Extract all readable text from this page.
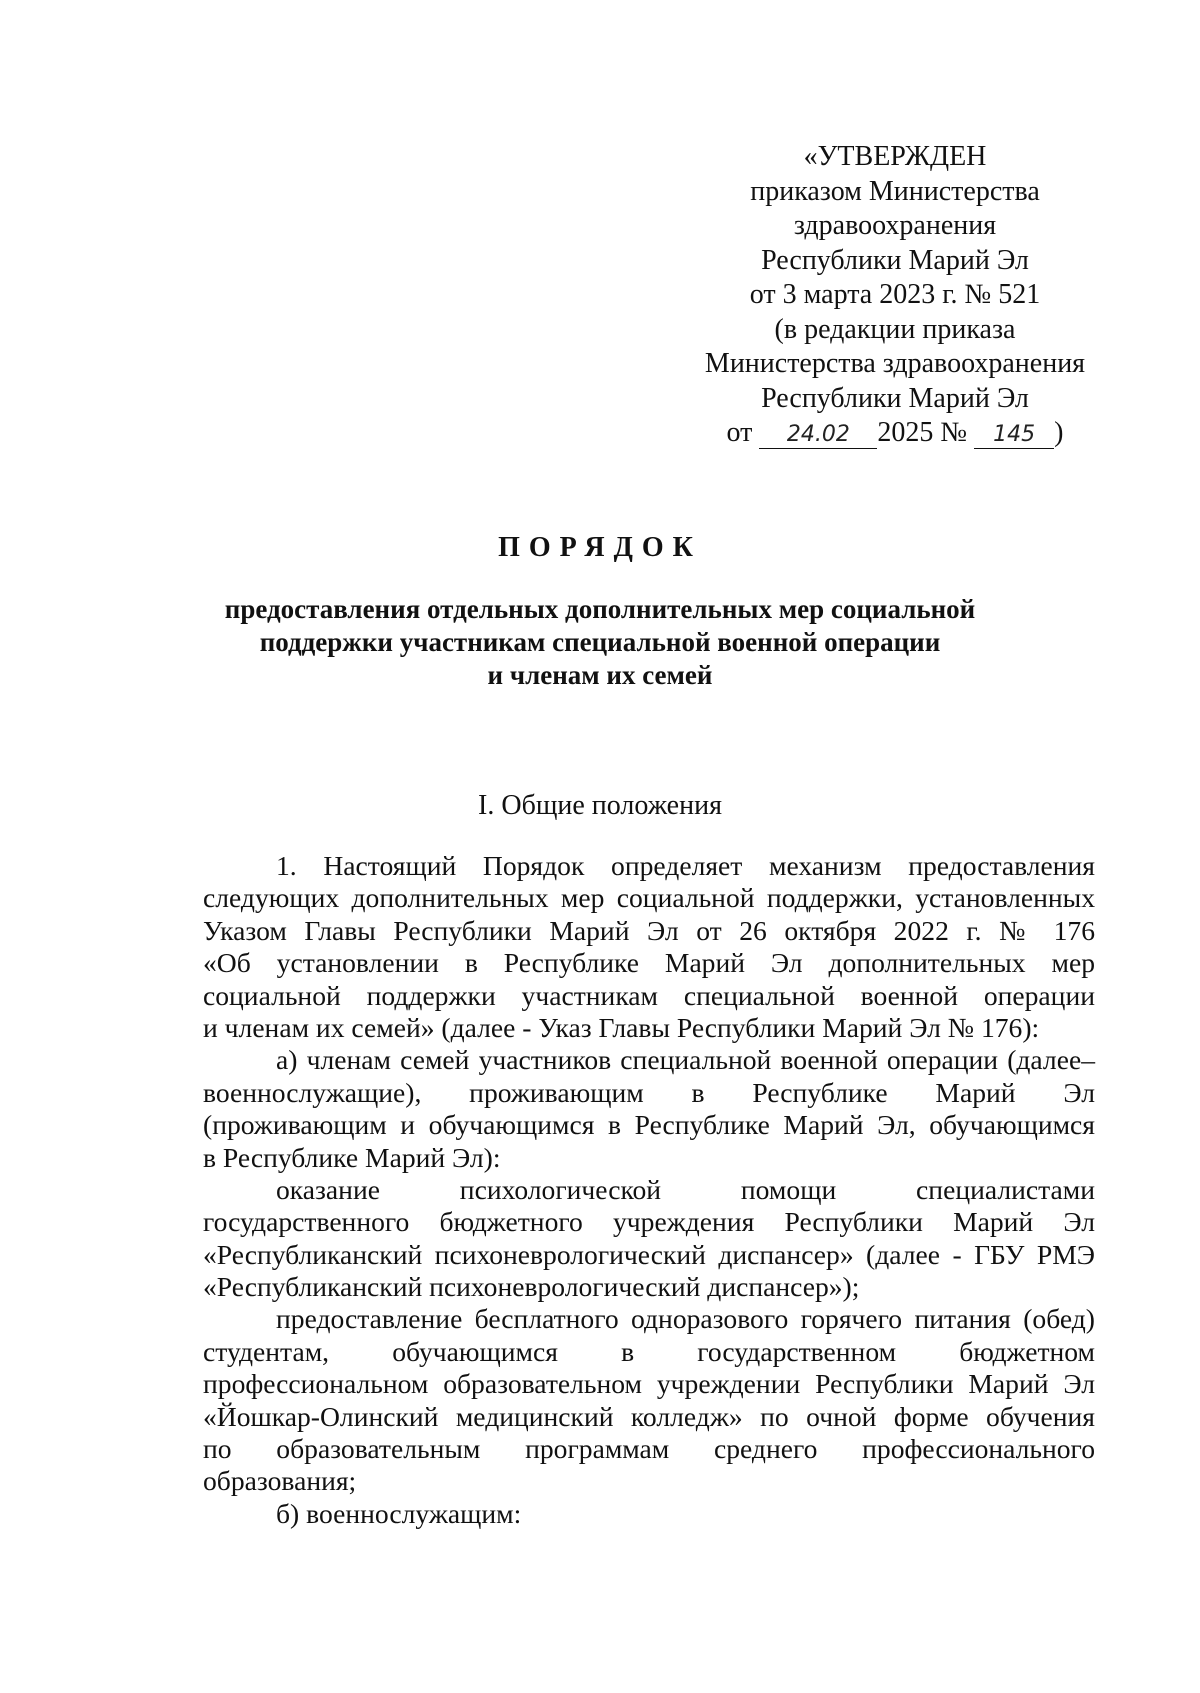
«УТВЕРЖДЕН
приказом Министерства
здравоохранения
Республики Марий Эл
от 3 марта 2023 г. № 521
(в редакции приказа
Министерства здравоохранения
Республики Марий Эл
от 24.02 2025 № 145 )
ПОРЯДОК
предоставления отдельных дополнительных мер социальной
поддержки участникам специальной военной операции
и членам их семей
I. Общие положения
1. Настоящий Порядок определяет механизм предоставления
следующих дополнительных мер социальной поддержки, установленных
Указом Главы Республики Марий Эл от 26 октября 2022 г. № 176
«Об установлении в Республике Марий Эл дополнительных мер
социальной поддержки участникам специальной военной операции
и членам их семей» (далее - Указ Главы Республики Марий Эл № 176):
а) членам семей участников специальной военной операции (далее–
военнослужащие), проживающим в Республике Марий Эл
(проживающим и обучающимся в Республике Марий Эл, обучающимся
в Республике Марий Эл):
оказание психологической помощи специалистами
государственного бюджетного учреждения Республики Марий Эл
«Республиканский психоневрологический диспансер» (далее - ГБУ РМЭ
«Республиканский психоневрологический диспансер»);
предоставление бесплатного одноразового горячего питания (обед)
студентам, обучающимся в государственном бюджетном
профессиональном образовательном учреждении Республики Марий Эл
«Йошкар-Олинский медицинский колледж» по очной форме обучения
по образовательным программам среднего профессионального
образования;
б) военнослужащим:
